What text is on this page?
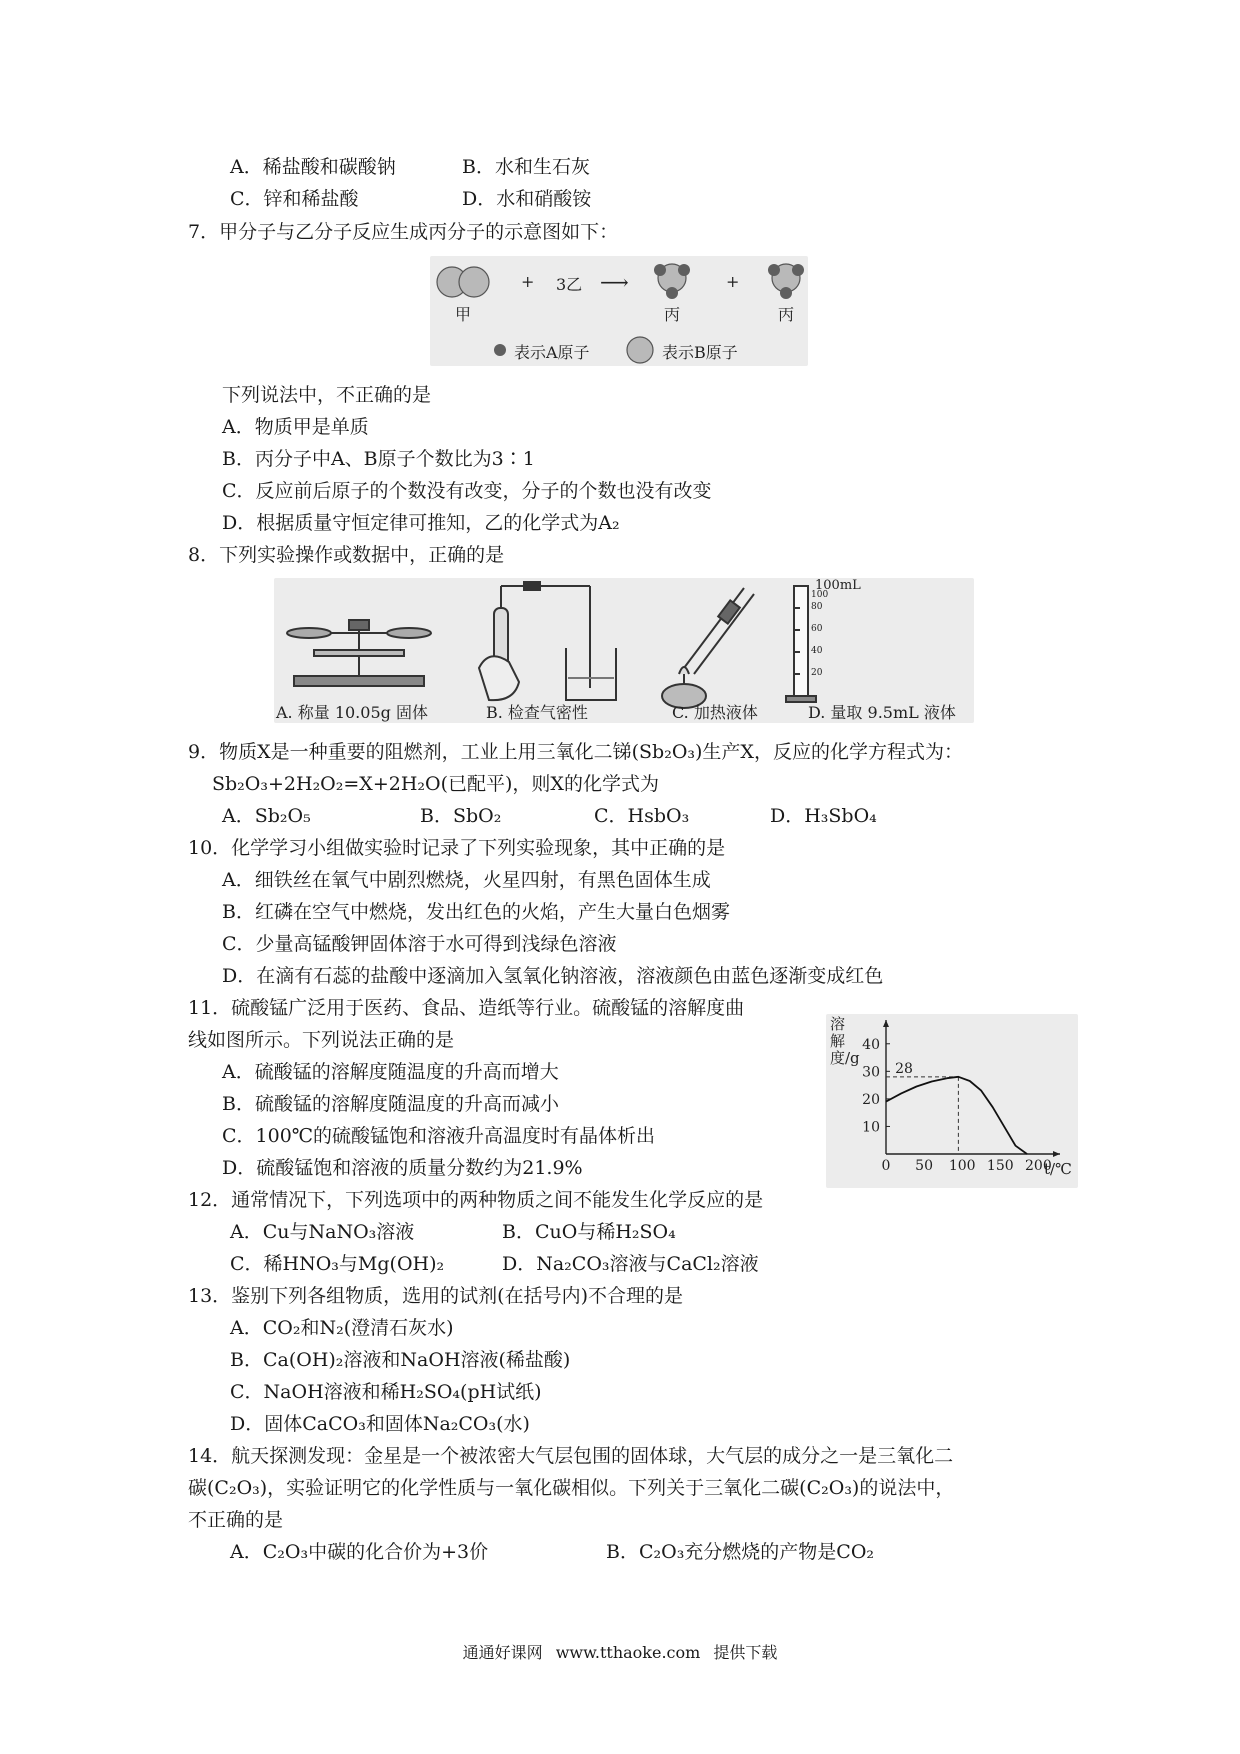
A．稀盐酸和碳酸钠	B．水和生石灰
C．锌和稀盐酸	D．水和硝酸铵
7．甲分子与乙分子反应生成丙分子的示意图如下：
+ 3乙 ⟶	+
甲	丙	丙
表示A原子	表示B原子
下列说法中，不正确的是
A．物质甲是单质
B．丙分子中A、B原子个数比为3∶1
C．反应前后原子的个数没有改变，分子的个数也没有改变
D．根据质量守恒定律可推知，乙的化学式为A₂
8．下列实验操作或数据中，正确的是
100mL
100
80
60
40
20
A. 称量 10.05g 固体	B. 检查气密性	C. 加热液体	D. 量取 9.5mL 液体
9．物质X是一种重要的阻燃剂，工业上用三氧化二锑(Sb₂O₃)生产X，反应的化学方程式为：
Sb₂O₃+2H₂O₂=X+2H₂O(已配平)，则X的化学式为
A．Sb₂O₅	B．SbO₂	C．HsbO₃	D．H₃SbO₄
10．化学学习小组做实验时记录了下列实验现象，其中正确的是
A．细铁丝在氧气中剧烈燃烧，火星四射，有黑色固体生成
B．红磷在空气中燃烧，发出红色的火焰，产生大量白色烟雾
C．少量高锰酸钾固体溶于水可得到浅绿色溶液
D．在滴有石蕊的盐酸中逐滴加入氢氧化钠溶液，溶液颜色由蓝色逐渐变成红色
11．硫酸锰广泛用于医药、食品、造纸等行业。硫酸锰的溶解度曲
线如图所示。下列说法正确的是
A．硫酸锰的溶解度随温度的升高而增大
B．硫酸锰的溶解度随温度的升高而减小
C．100℃的硫酸锰饱和溶液升高温度时有晶体析出
D．硫酸锰饱和溶液的质量分数约为21.9%	0 50 100 150 200
10
20
30
40
28
溶解度/g
t/℃
12．通常情况下，下列选项中的两种物质之间不能发生化学反应的是
A．Cu与NaNO₃溶液	B．CuO与稀H₂SO₄
C．稀HNO₃与Mg(OH)₂	D．Na₂CO₃溶液与CaCl₂溶液
13．鉴别下列各组物质，选用的试剂(在括号内)不合理的是
A．CO₂和N₂(澄清石灰水)
B．Ca(OH)₂溶液和NaOH溶液(稀盐酸)
C．NaOH溶液和稀H₂SO₄(pH试纸)
D．固体CaCO₃和固体Na₂CO₃(水)
14．航天探测发现：金星是一个被浓密大气层包围的固体球，大气层的成分之一是三氧化二
碳(C₂O₃)，实验证明它的化学性质与一氧化碳相似。下列关于三氧化二碳(C₂O₃)的说法中，
不正确的是
A．C₂O₃中碳的化合价为+3价	B．C₂O₃充分燃烧的产物是CO₂
通通好课网 www.tthaoke.com 提供下载
